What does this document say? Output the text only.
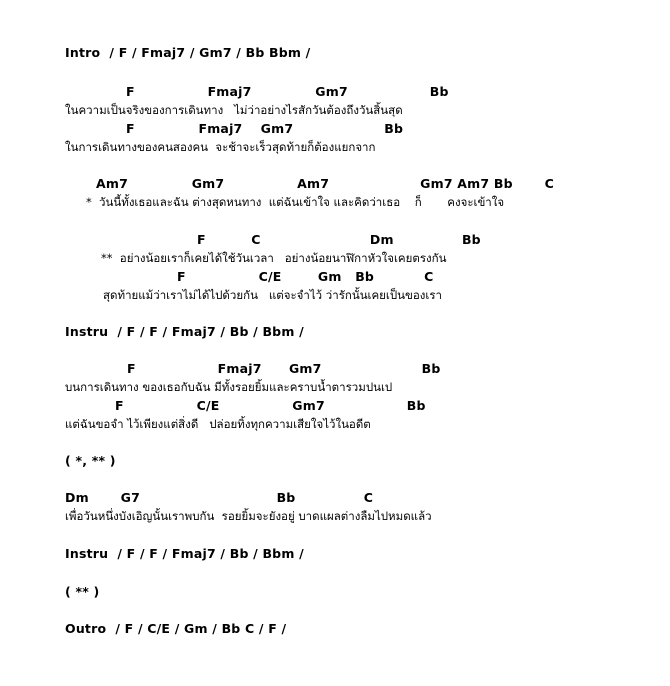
Intro  / F / Fmaj7 / Gm7 / Bb Bbm /
F                Fmaj7              Gm7                  Bb
ในความเป็นจริงของการเดินทาง   ไม่ว่าอย่างไรสักวันต้องถึงวันสิ้นสุด
F              Fmaj7    Gm7                    Bb
ในการเดินทางของคนสองคน  จะช้าจะเร็วสุดท้ายก็ต้องแยกจาก
Am7              Gm7                Am7                    Gm7 Am7 Bb       C
*  วันนี้ทั้งเธอและฉัน ต่างสุดหนทาง  แต่ฉันเข้าใจ และคิดว่าเธอ    ก็       คงจะเข้าใจ
F          C                        Dm               Bb
**  อย่างน้อยเราก็เคยได้ใช้วันเวลา   อย่างน้อยนาฬิกาหัวใจเคยตรงกัน
F                C/E        Gm   Bb           C
สุดท้ายแม้ว่าเราไม่ได้ไปด้วยกัน   แต่จะจำไว้ ว่ารักนั้นเคยเป็นของเรา
Instru  / F / F / Fmaj7 / Bb / Bbm /
F                  Fmaj7      Gm7                      Bb
บนการเดินทาง ของเธอกับฉัน มีทั้งรอยยิ้มและคราบน้ำตารวมปนเป
F                C/E                Gm7                  Bb
แต่ฉันขอจำ ไว้เพียงแต่สิ่งดี   ปล่อยทิ้งทุกความเสียใจไว้ในอดีต
( *, ** )
Dm       G7                              Bb               C
เพื่อวันหนึ่งบังเอิญนั้นเราพบกัน  รอยยิ้มจะยังอยู่ บาดแผลต่างลืมไปหมดแล้ว
Instru  / F / F / Fmaj7 / Bb / Bbm /
( ** )
Outro  / F / C/E / Gm / Bb C / F /
